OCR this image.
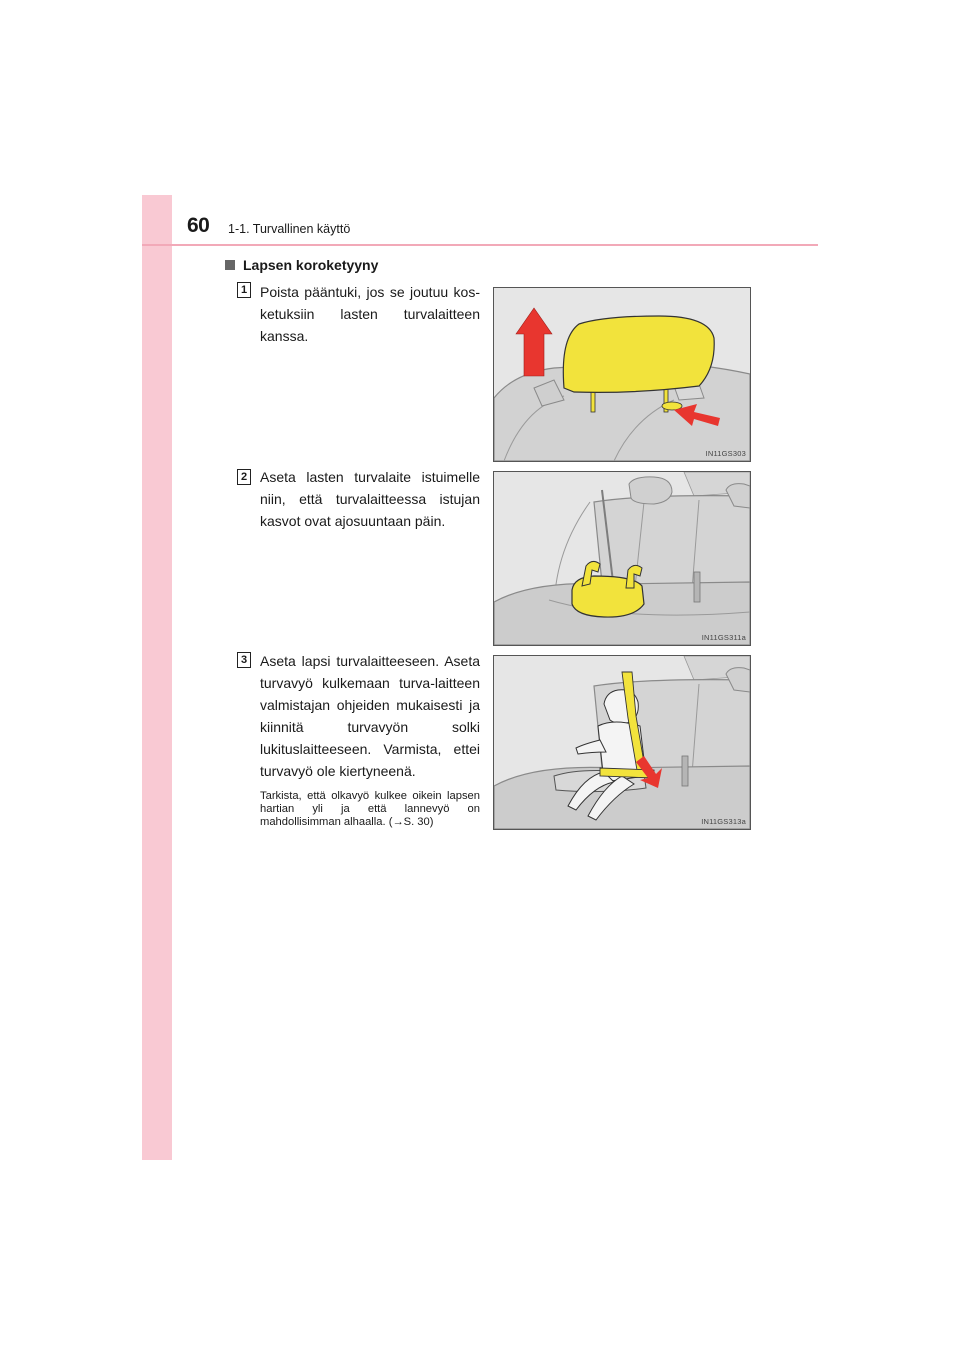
60 1-1. Turvallinen käyttö
Lapsen koroketyyny
1 Poista pääntuki, jos se joutuu kos-ketuksiin lasten turvalaitteen kanssa.
IN11GS303
2 Aseta lasten turvalaite istuimelle niin, että turvalaitteessa istujan kasvot ovat ajosuuntaan päin.
IN11GS311a
3 Aseta lapsi turvalaitteeseen. Aseta turvavyö kulkemaan turva-laitteen valmistajan ohjeiden mukaisesti ja kiinnitä turvavyön solki lukituslaitteeseen. Varmista, ettei turvavyö ole kiertyneenä.
Tarkista, että olkavyö kulkee oikein lapsen hartian yli ja että lannevyö on mahdollisimman alhaalla. (→S. 30)	IN11GS313a
